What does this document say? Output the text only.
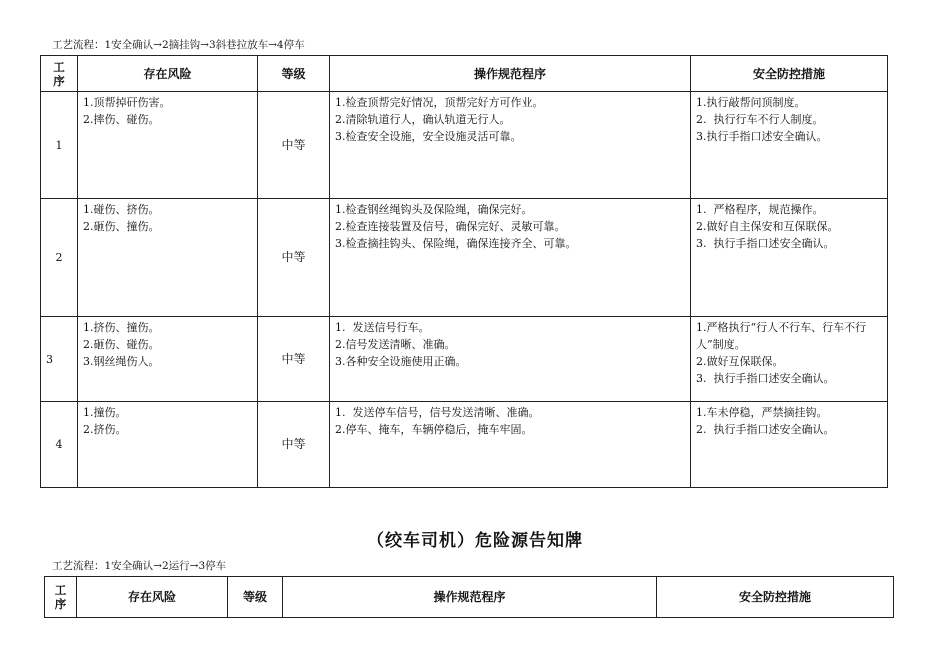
工艺流程：1安全确认→2摘挂钩→3斜巷拉放车→4停车
工
序	存在风险	等级	操作规范程序	安全防控措施
1	1.顶帮掉矸伤害。
2.摔伤、碰伤。	中等	1.检查顶帮完好情况，顶帮完好方可作业。
2.清除轨道行人，确认轨道无行人。
3.检查安全设施，安全设施灵活可靠。	1.执行敲帮问顶制度。
2.  执行行车不行人制度。
3.执行手指口述安全确认。

2	1.碰伤、挤伤。
2.砸伤、撞伤。	中等	1.检查钢丝绳钩头及保险绳，确保完好。
2.检查连接装置及信号，确保完好、灵敏可靠。
3.检查摘挂钩头、保险绳，确保连接齐全、可靠。	1.  严格程序，规范操作。
2.做好自主保安和互保联保。
3.  执行手指口述安全确认。

3	1.挤伤、撞伤。
2.砸伤、碰伤。
3.钢丝绳伤人。	中等	1.  发送信号行车。
2.信号发送清晰、准确。
3.各种安全设施使用正确。	1.严格执行“行人不行车、行车不行人”制度。
2.做好互保联保。
3.  执行手指口述安全确认。

4	1.撞伤。
2.挤伤。	中等	1.  发送停车信号，信号发送清晰、准确。
2.停车、掩车，车辆停稳后，掩车牢固。	1.车未停稳，严禁摘挂钩。
2.  执行手指口述安全确认。
（绞车司机）危险源告知牌
工艺流程：1安全确认→2运行→3停车
工
序	存在风险	等级	操作规范程序	安全防控措施
